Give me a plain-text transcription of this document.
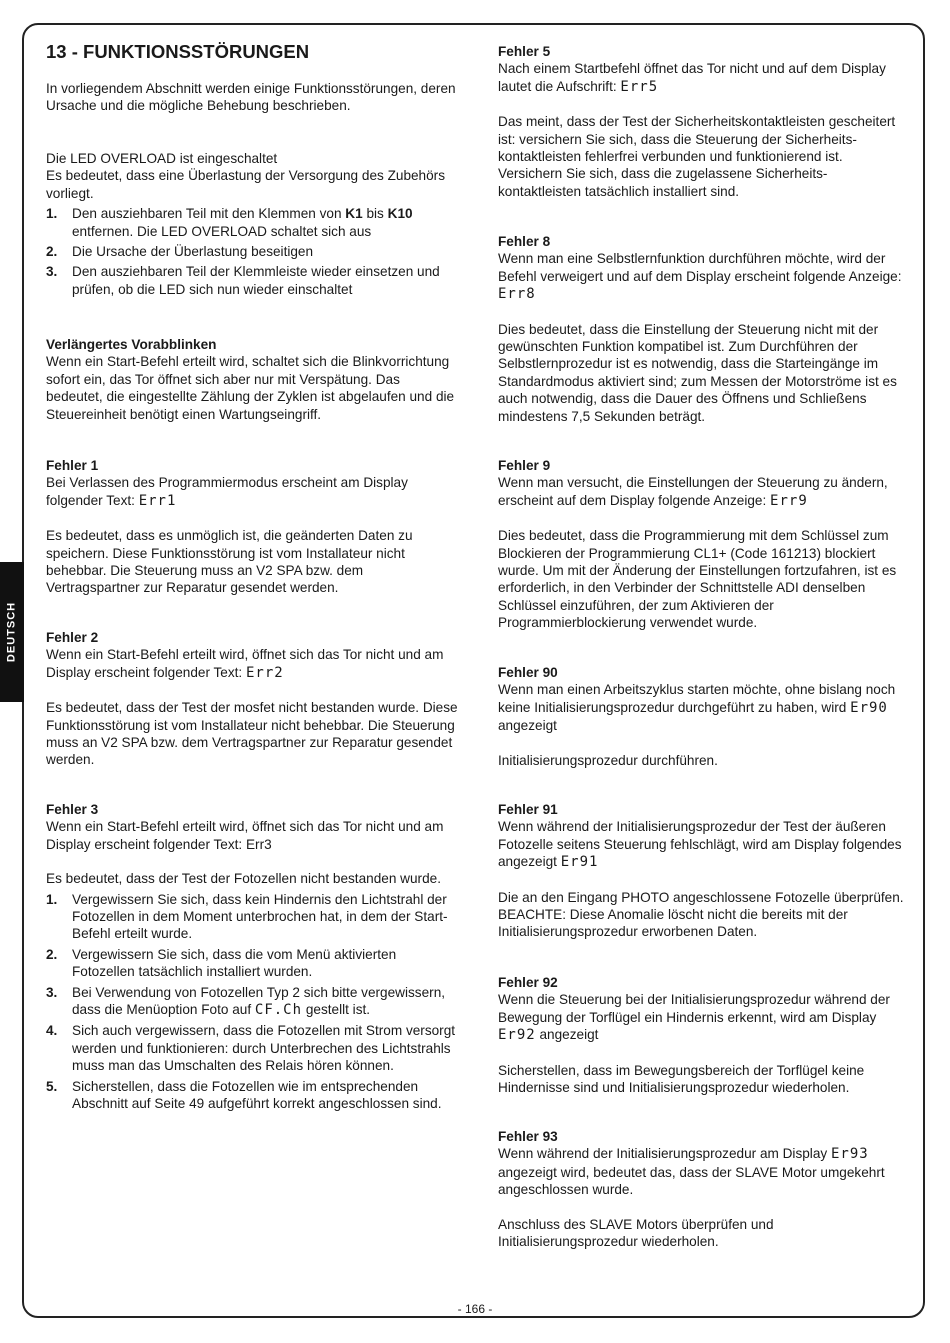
DEUTSCH
13 - FUNKTIONSSTÖRUNGEN

In vorliegendem Abschnitt werden einige Funktionsstörungen, deren Ursache und die mögliche Behebung beschrieben.

Die LED OVERLOAD ist eingeschaltet

Es bedeutet, dass eine Überlastung der Versorgung des Zubehörs vorliegt.

1. Den ausziehbaren Teil mit den Klemmen von K1 bis K10 entfernen. Die LED OVERLOAD schaltet sich aus
2. Die Ursache der Überlastung beseitigen
3. Den ausziehbaren Teil der Klemmleiste wieder einsetzen und prüfen, ob die LED sich nun wieder einschaltet

Verlängertes Vorabblinken

Wenn ein Start-Befehl erteilt wird, schaltet sich die Blinkvorrichtung sofort ein, das Tor öffnet sich aber nur mit Verspätung. Das bedeutet, die eingestellte Zählung der Zyklen ist abgelaufen und die Steuereinheit benötigt einen Wartungseingriff.

Fehler 1

Bei Verlassen des Programmiermodus erscheint am Display folgender Text: Err1

Es bedeutet, dass es unmöglich ist, die geänderten Daten zu speichern. Diese Funktionsstörung ist vom Installateur nicht behebbar. Die Steuerung muss an V2 SPA bzw. dem Vertragspartner zur Reparatur gesendet werden.

Fehler 2

Wenn ein Start-Befehl erteilt wird, öffnet sich das Tor nicht und am Display erscheint folgender Text: Err2

Es bedeutet, dass der Test der mosfet nicht bestanden wurde. Diese Funktionsstörung ist vom Installateur nicht behebbar. Die Steuerung muss an V2 SPA bzw. dem Vertragspartner zur Reparatur gesendet werden.

Fehler 3

Wenn ein Start-Befehl erteilt wird, öffnet sich das Tor nicht und am Display erscheint folgender Text: Err3

Es bedeutet, dass der Test der Fotozellen nicht bestanden wurde.

1. Vergewissern Sie sich, dass kein Hindernis den Lichtstrahl der Fotozellen in dem Moment unterbrochen hat, in dem der Start-Befehl erteilt wurde.
2. Vergewissern Sie sich, dass die vom Menü aktivierten Fotozellen tatsächlich installiert wurden.
3. Bei Verwendung von Fotozellen Typ 2 sich bitte vergewissern, dass die Menüoption Foto auf CF.Ch gestellt ist.
4. Sich auch vergewissern, dass die Fotozellen mit Strom versorgt werden und funktionieren: durch Unterbrechen des Lichtstrahls muss man das Umschalten des Relais hören können.
5. Sicherstellen, dass die Fotozellen wie im entsprechenden Abschnitt auf Seite 49 aufgeführt korrekt angeschlossen sind.

Fehler 5

Nach einem Startbefehl öffnet das Tor nicht und auf dem Display lautet die Aufschrift: Err5

Das meint, dass der Test der Sicherheitskontaktleisten gescheitert ist: versichern Sie sich, dass die Steuerung der Sicherheits-kontaktleisten fehlerfrei verbunden und funktionierend ist. Versichern Sie sich, dass die zugelassene Sicherheits-kontaktleisten tatsächlich installiert sind.

Fehler 8

Wenn man eine Selbstlernfunktion durchführen möchte, wird der Befehl verweigert und auf dem Display erscheint folgende Anzeige: Err8

Dies bedeutet, dass die Einstellung der Steuerung nicht mit der gewünschten Funktion kompatibel ist. Zum Durchführen der Selbstlernprozedur ist es notwendig, dass die Starteingänge im Standardmodus aktiviert sind; zum Messen der Motorströme ist es auch notwendig, dass die Dauer des Öffnens und Schließens mindestens 7,5 Sekunden beträgt.

Fehler 9

Wenn man versucht, die Einstellungen der Steuerung zu ändern, erscheint auf dem Display folgende Anzeige: Err9

Dies bedeutet, dass die Programmierung mit dem Schlüssel zum Blockieren der Programmierung CL1+ (Code 161213) blockiert wurde. Um mit der Änderung der Einstellungen fortzufahren, ist es erforderlich, in den Verbinder der Schnittstelle ADI denselben Schlüssel einzuführen, der zum Aktivieren der Programmierblockierung verwendet wurde.

Fehler 90

Wenn man einen Arbeitszyklus starten möchte, ohne bislang noch keine Initialisierungsprozedur durchgeführt zu haben, wird Er90 angezeigt

Initialisierungsprozedur durchführen.

Fehler 91

Wenn während der Initialisierungsprozedur der Test der äußeren Fotozelle seitens Steuerung fehlschlägt, wird am Display folgendes angezeigt Er91

Die an den Eingang PHOTO angeschlossene Fotozelle überprüfen. BEACHTE: Diese Anomalie löscht nicht die bereits mit der Initialisierungsprozedur erworbenen Daten.

Fehler 92

Wenn die Steuerung bei der Initialisierungsprozedur während der Bewegung der Torflügel ein Hindernis erkennt, wird am Display Er92 angezeigt

Sicherstellen, dass im Bewegungsbereich der Torflügel keine Hindernisse sind und Initialisierungsprozedur wiederholen.

Fehler 93

Wenn während der Initialisierungsprozedur am Display Er93 angezeigt wird, bedeutet das, dass der SLAVE Motor umgekehrt angeschlossen wurde.

Anschluss des SLAVE Motors überprüfen und Initialisierungsprozedur wiederholen.

- 166 -
